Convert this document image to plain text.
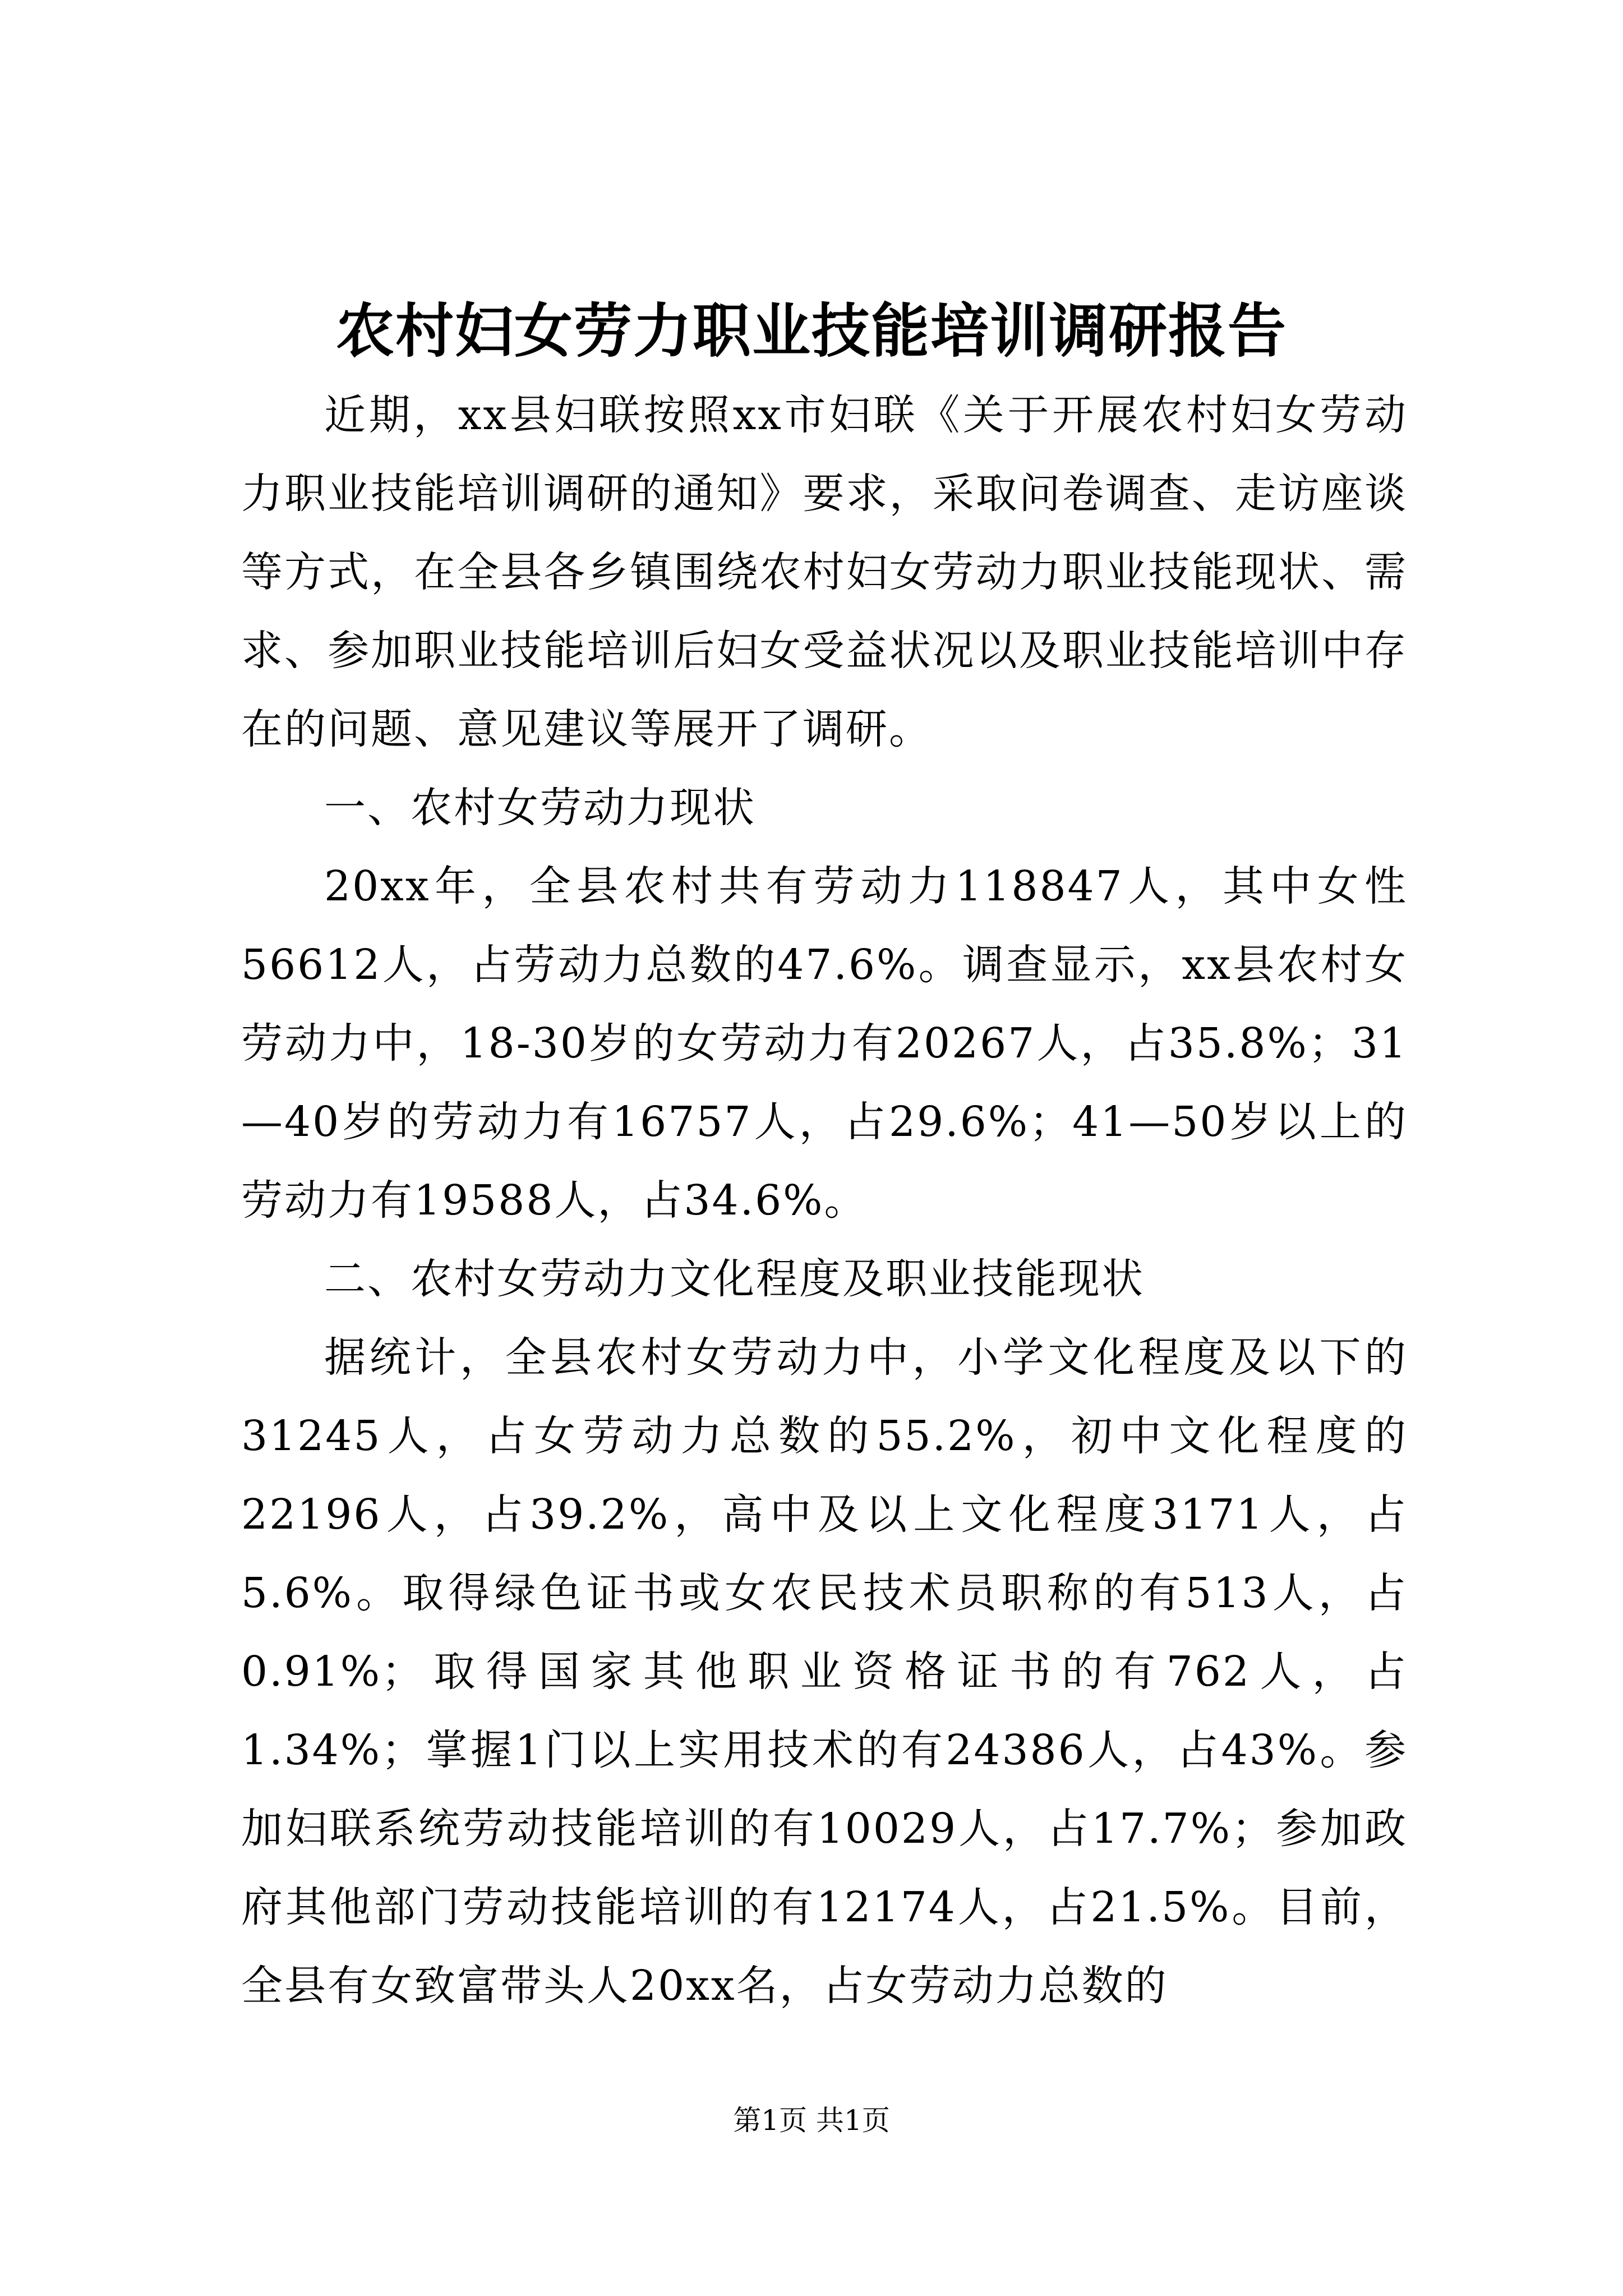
农村妇女劳力职业技能培训调研报告

近期，xx县妇联按照xx市妇联《关于开展农村妇女劳动力职业技能培训调研的通知》要求，采取问卷调查、走访座谈等方式，在全县各乡镇围绕农村妇女劳动力职业技能现状、需求、参加职业技能培训后妇女受益状况以及职业技能培训中存在的问题、意见建议等展开了调研。

一、农村女劳动力现状

20xx年，全县农村共有劳动力118847人，其中女性56612人，占劳动力总数的47.6%。调查显示，xx县农村女劳动力中，18-30岁的女劳动力有20267人，占35.8%；31—40岁的劳动力有16757人，占29.6%；41—50岁以上的劳动力有19588人，占34.6%。

二、农村女劳动力文化程度及职业技能现状

据统计，全县农村女劳动力中，小学文化程度及以下的31245人，占女劳动力总数的55.2%，初中文化程度的22196人，占39.2%，高中及以上文化程度3171人，占5.6%。取得绿色证书或女农民技术员职称的有513人，占0.91%；取得国家其他职业资格证书的有762人，占1.34%；掌握1门以上实用技术的有24386人，占43%。参加妇联系统劳动技能培训的有10029人，占17.7%；参加政府其他部门劳动技能培训的有12174人，占21.5%。目前，全县有女致富带头人20xx名，占女劳动力总数的

第1页 共1页
